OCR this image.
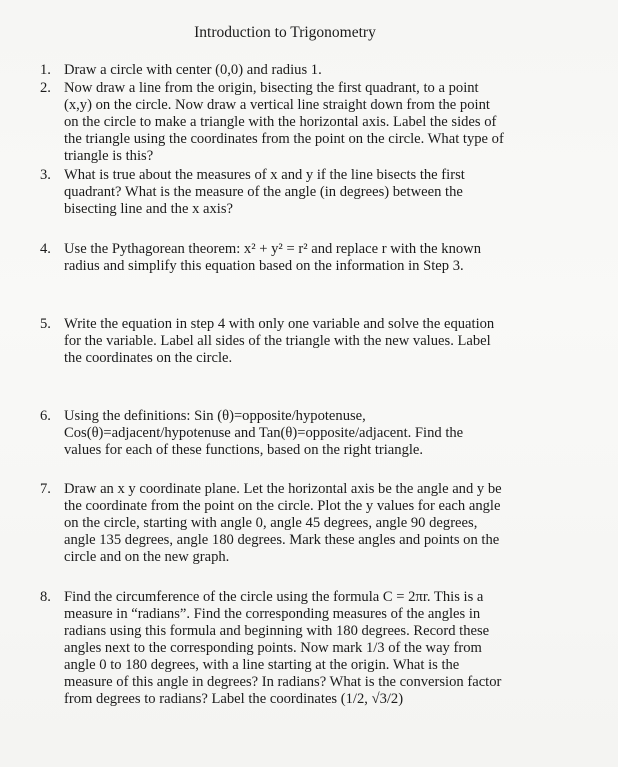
Introduction to Trigonometry
1. Draw a circle with center (0,0) and radius 1.
2. Now draw a line from the origin, bisecting the first quadrant, to a point
(x,y) on the circle. Now draw a vertical line straight down from the point
on the circle to make a triangle with the horizontal axis. Label the sides of
the triangle using the coordinates from the point on the circle. What type of
triangle is this?
3. What is true about the measures of x and y if the line bisects the first
quadrant? What is the measure of the angle (in degrees) between the
bisecting line and the x axis?
4. Use the Pythagorean theorem: x² + y² = r² and replace r with the known
radius and simplify this equation based on the information in Step 3.
5. Write the equation in step 4 with only one variable and solve the equation
for the variable. Label all sides of the triangle with the new values. Label
the coordinates on the circle.
6. Using the definitions: Sin (θ)=opposite/hypotenuse,
Cos(θ)=adjacent/hypotenuse and Tan(θ)=opposite/adjacent. Find the
values for each of these functions, based on the right triangle.
7. Draw an x y coordinate plane. Let the horizontal axis be the angle and y be
the coordinate from the point on the circle. Plot the y values for each angle
on the circle, starting with angle 0, angle 45 degrees, angle 90 degrees,
angle 135 degrees, angle 180 degrees. Mark these angles and points on the
circle and on the new graph.
8. Find the circumference of the circle using the formula C = 2πr. This is a
measure in “radians”. Find the corresponding measures of the angles in
radians using this formula and beginning with 180 degrees. Record these
angles next to the corresponding points. Now mark 1/3 of the way from
angle 0 to 180 degrees, with a line starting at the origin. What is the
measure of this angle in degrees? In radians? What is the conversion factor
from degrees to radians? Label the coordinates (1/2, √3/2)
